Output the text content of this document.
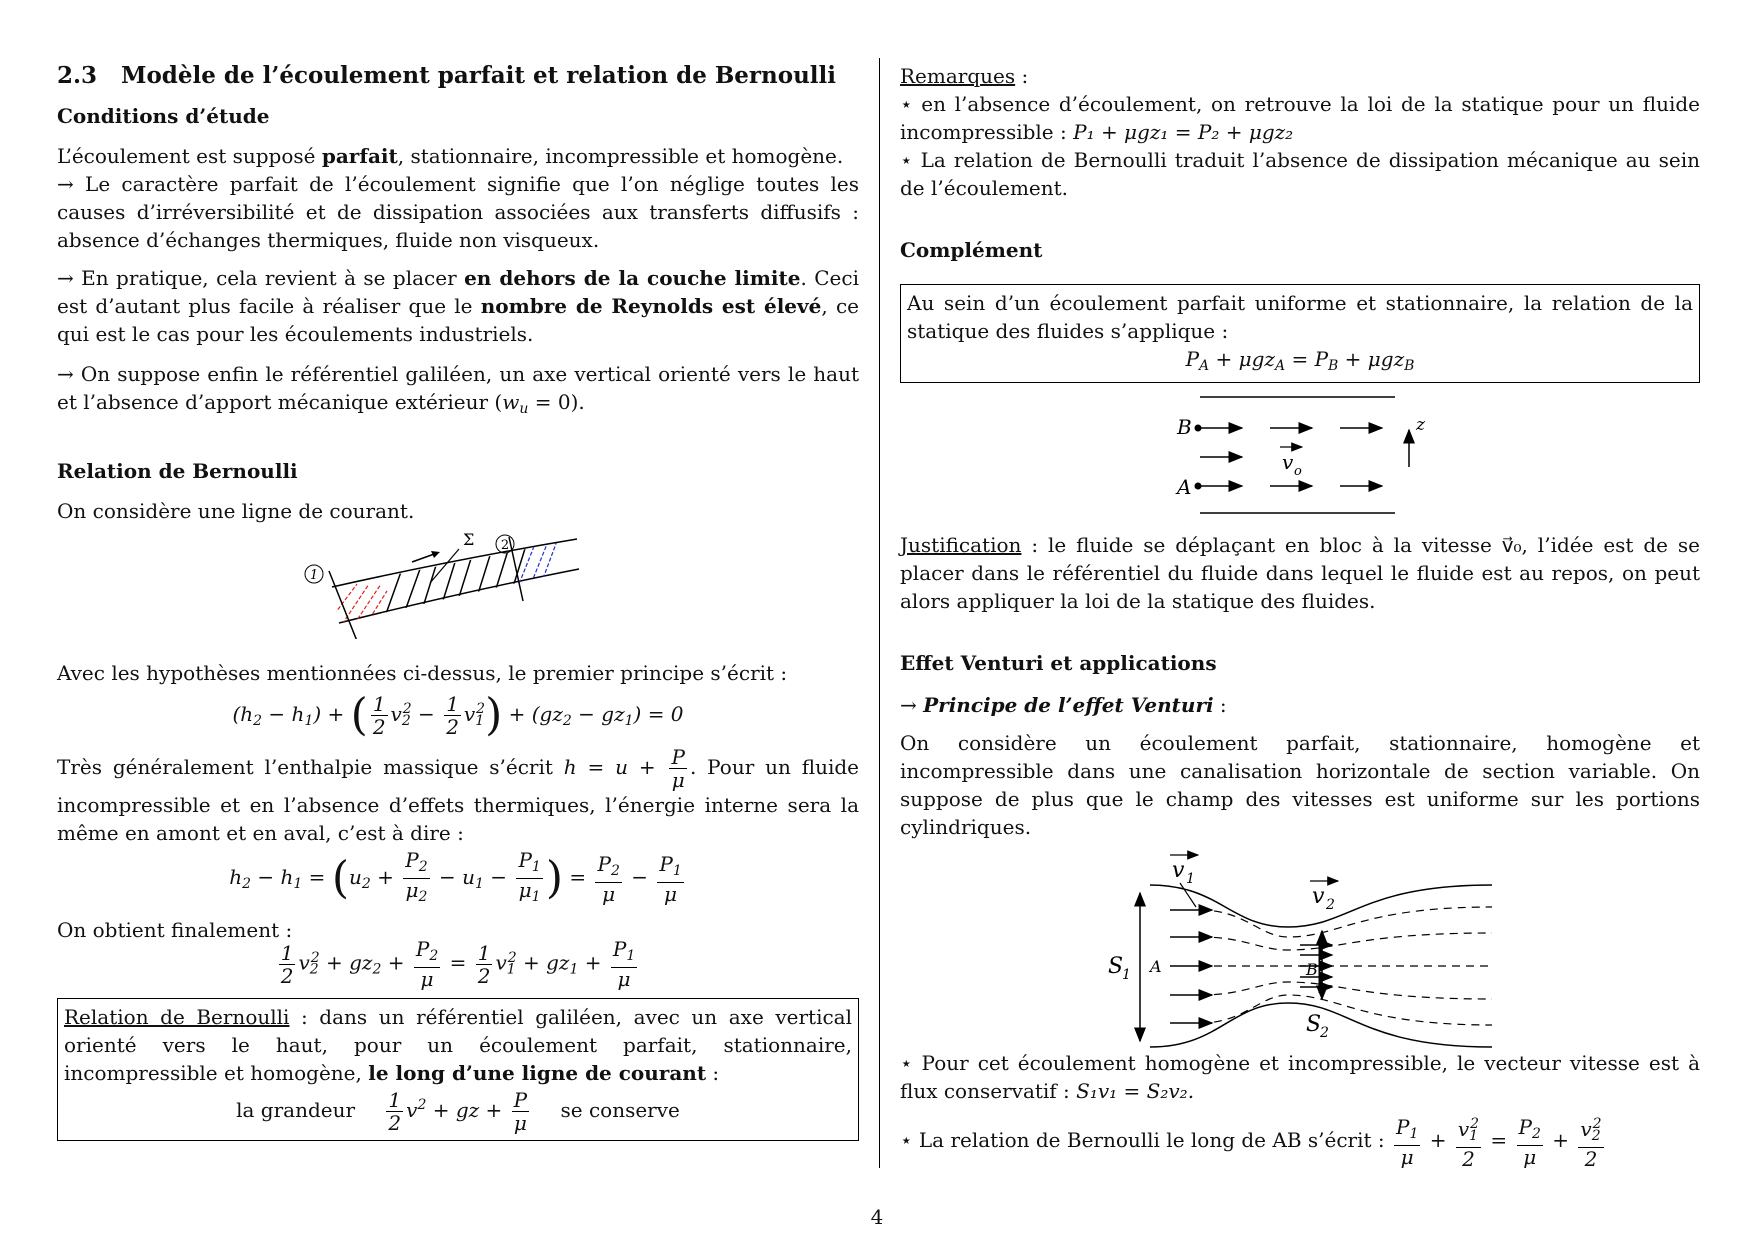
2.3 Modèle de l’écoulement parfait et relation de Bernoulli
Conditions d’étude

L’écoulement est supposé parfait, stationnaire, incompressible et homogène.
→ Le caractère parfait de l’écoulement signifie que l’on néglige toutes les causes d’irréversibilité et de dissipation associées aux transferts diffusifs : absence d’échanges thermiques, fluide non visqueux.

→ En pratique, cela revient à se placer en dehors de la couche limite. Ceci est d’autant plus facile à réaliser que le nombre de Reynolds est élevé, ce qui est le cas pour les écoulements industriels.

→ On suppose enfin le référentiel galiléen, un axe vertical orienté vers le haut et l’absence d’apport mécanique extérieur $(w_u = 0)$.

Relation de Bernoulli

On considère une ligne de courant.

1
2
Σ

Avec les hypothèses mentionnées ci-dessus, le premier principe s’écrit :

$(h_2 - h_1)$ + ( $\frac{1}{2} v_2^2 - \frac{1}{2} v_1^2) + (gz_2 - gz_1) = 0$

Très généralement l’enthalpie massique s’écrit $h = u + \frac{P}{\mu}$ . Pour un fluide incompressible et en l’absence d’effets thermiques, l’énergie interne sera la même en amont et en aval, c’est à dire :

$h_2 - h_1 = (u_2 + \frac{P_2}{\mu_2} - u_1 - \frac{P_1}{\mu_1}$ ) = $\frac{P_2}{\mu} - \frac{P_1}{\mu}$

On obtient finalement :

$\frac{1}{2} v_2^2 + gz_2 + \frac{P_2}{\mu} = \frac{1}{2} v_1^2 + gz_1 + \frac{P_1}{\mu}$
Relation de Bernoulli : dans un référentiel galiléen, avec un axe vertical orienté vers le haut, pour un écoulement parfait, stationnaire, incompressible et homogène, le long d’une ligne de courant :
la grandeur $\frac{1}{2} v^2$ + gz + $\frac{P}{\mu}$ se conserve

Remarques :
⋆ en l’absence d’écoulement, on retrouve la loi de la statique pour un fluide incompressible : P₁ + μgz₁ = P₂ + μgz₂
⋆ La relation de Bernoulli traduit l’absence de dissipation mécanique au sein de l’écoulement.

Complément
Au sein d’un écoulement parfait uniforme et stationnaire, la relation de la statique des fluides s’applique :
$P_A + \mu gz_A = P_B + \mu gz_B$
B
v o
A
z

Justification : le fluide se déplaçant en bloc à la vitesse v⃗₀, l’idée est de se placer dans le référentiel du fluide dans lequel le fluide est au repos, on peut alors appliquer la loi de la statique des fluides.

Effet Venturi et applications

→ Principe de l’effet Venturi :

On considère un écoulement parfait, stationnaire, homogène et incompressible dans une canalisation horizontale de section variable. On suppose de plus que le champ des vitesses est uniforme sur les portions cylindriques.

S
1
S
2
A	B
v 1
v 2

⋆ Pour cet écoulement homogène et incompressible, le vecteur vitesse est à flux conservatif : S₁v₁ = S₂v₂.

⋆ La relation de Bernoulli le long de AB s’écrit : $\frac{P_1}{\mu} + \frac{v_1^2}{2} = \frac{P_2}{\mu} + \frac{v_2^2}{2}$
4
